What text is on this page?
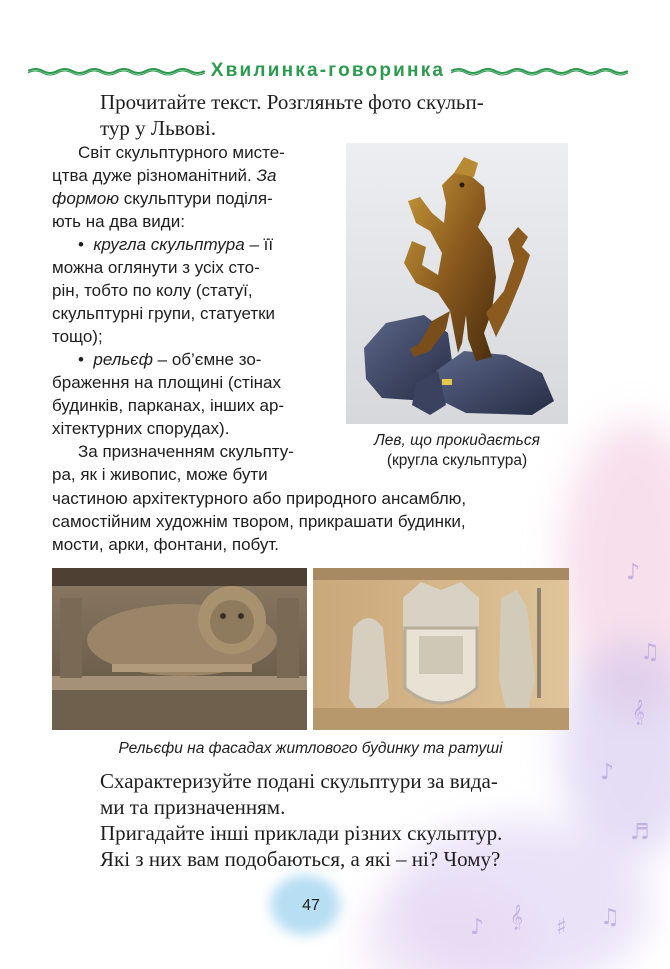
♪
♫
𝄞
♪
♬
♪ 𝄞 ♯ ♫
Хвилинка-говоринка

Прочитайте текст. Розгляньте фото скульп-

тур у Львові.

Світ скульптурного мисте-

цтва дуже різноманітний. За

формою скульптури поділя-

ють на два види:

•  кругла скульптура – її

можна оглянути з усіх сто-

рін, тобто по колу (статуї,

скульптурні групи, статуетки

тощо);

•  рельєф – об’ємне зо-

браження на площині (стінах

будинків, парканах, інших ар-

хітектурних спорудах).

За призначенням скульпту-

ра, як і живопис, може бути

частиною архітектурного або природного ансамблю,

самостійним художнім твором, прикрашати будинки,

мости, арки, фонтани, побут.

Лев, що прокидається

(кругла скульптура)

Рельєфи на фасадах житлового будинку та ратуші

Схарактеризуйте подані скульптури за вида-

ми та призначенням.

Пригадайте інші приклади різних скульптур.

Які з них вам подобаються, а які – ні? Чому?

47
